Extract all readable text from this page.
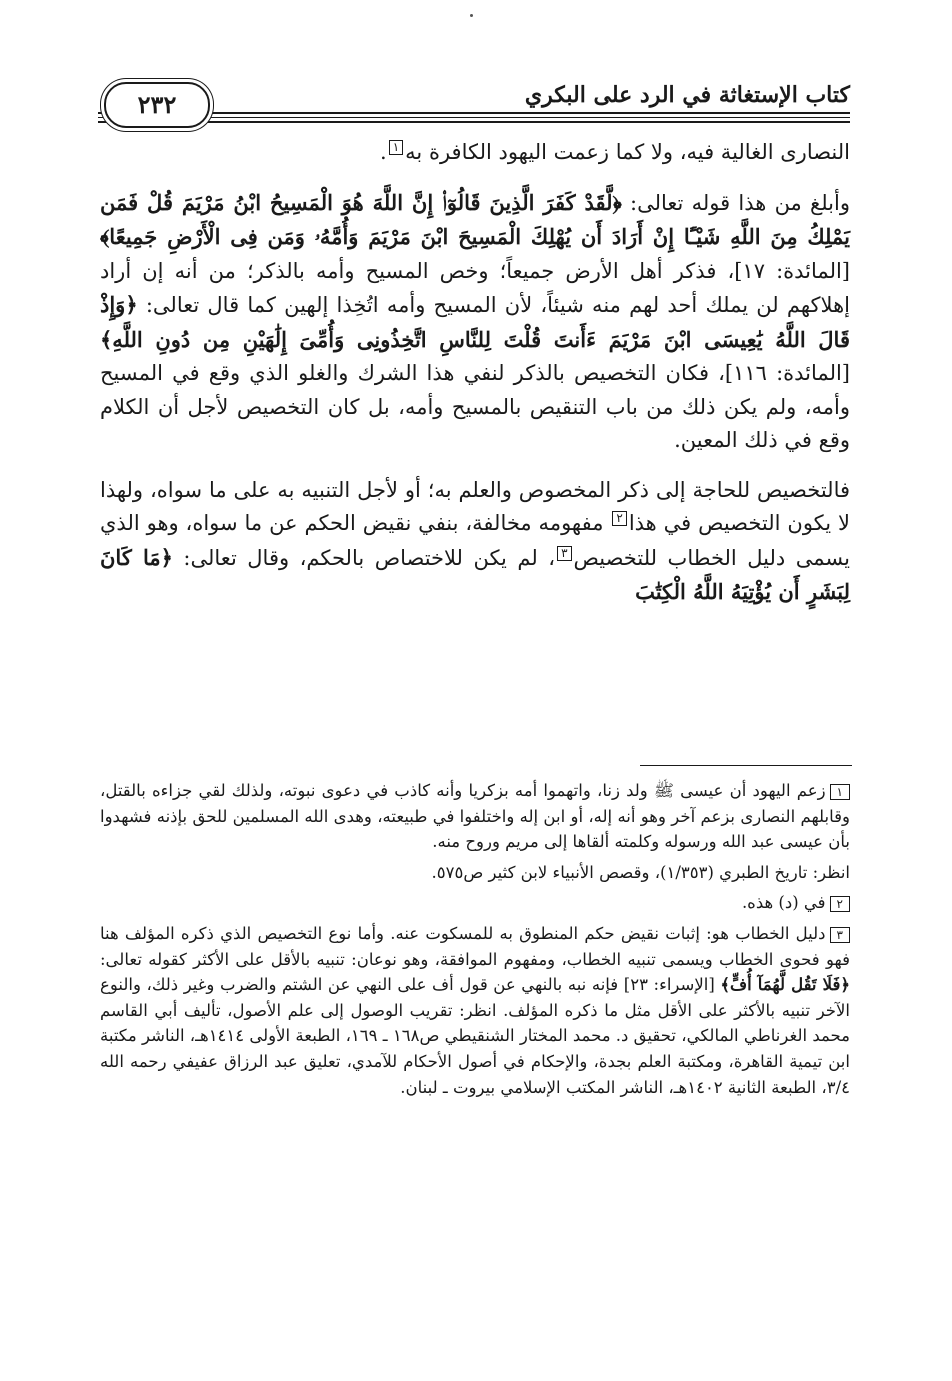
كتاب الإستغاثة في الرد على البكري
٢٣٢

النصارى الغالية فيه، ولا كما زعمت اليهود الكافرة به١.

وأبلغ من هذا قوله تعالى: ﴿لَّقَدْ كَفَرَ الَّذِينَ قَالُوٓا۟ إِنَّ اللَّهَ هُوَ الْمَسِيحُ ابْنُ مَرْيَمَ قُلْ فَمَن يَمْلِكُ مِنَ اللَّهِ شَيْـًٔا إِنْ أَرَادَ أَن يُهْلِكَ الْمَسِيحَ ابْنَ مَرْيَمَ وَأُمَّهُۥ وَمَن فِى الْأَرْضِ جَمِيعًا﴾ [المائدة: ١٧]، فذكر أهل الأرض جميعاً؛ وخص المسيح وأمه بالذكر؛ من أنه إن أراد إهلاكهم لن يملك أحد لهم منه شيئاً، لأن المسيح وأمه اتُخِذا إلهين كما قال تعالى: ﴿وَإِذْ قَالَ اللَّهُ يَٰعِيسَى ابْنَ مَرْيَمَ ءَأَنتَ قُلْتَ لِلنَّاسِ اتَّخِذُونِى وَأُمِّىَ إِلَٰهَيْنِ مِن دُونِ اللَّهِ﴾ [المائدة: ١١٦]، فكان التخصيص بالذكر لنفي هذا الشرك والغلو الذي وقع في المسيح وأمه، ولم يكن ذلك من باب التنقيص بالمسيح وأمه، بل كان التخصيص لأجل أن الكلام وقع في ذلك المعين.

فالتخصيص للحاجة إلى ذكر المخصوص والعلم به؛ أو لأجل التنبيه به على ما سواه، ولهذا لا يكون التخصيص في هذا٢ مفهومه مخالفة، بنفي نقيض الحكم عن ما سواه، وهو الذي يسمى دليل الخطاب للتخصيص٣، لم يكن للاختصاص بالحكم، وقال تعالى: ﴿مَا كَانَ لِبَشَرٍ أَن يُؤْتِيَهُ اللَّهُ الْكِتَٰبَ

١زعم اليهود أن عيسى ﷺ ولد زنا، واتهموا أمه بزكريا وأنه كاذب في دعوى نبوته، ولذلك لقي جزاءه بالقتل، وقابلهم النصارى بزعم آخر وهو أنه إله، أو ابن إله واختلفوا في طبيعته، وهدى الله المسلمين للحق بإذنه فشهدوا بأن عيسى عبد الله ورسوله وكلمته ألقاها إلى مريم وروح منه.
انظر: تاريخ الطبري (١/٣٥٣)، وقصص الأنبياء لابن كثير ص٥٧٥.
٢في (د) هذه.
٣دليل الخطاب هو: إثبات نقيض حكم المنطوق به للمسكوت عنه. وأما نوع التخصيص الذي ذكره المؤلف هنا فهو فحوى الخطاب ويسمى تنبيه الخطاب، ومفهوم الموافقة، وهو نوعان: تنبيه بالأقل على الأكثر كقوله تعالى: ﴿فَلَا تَقُل لَّهُمَآ أُفٍّ﴾ [الإسراء: ٢٣] فإنه نبه بالنهي عن قول أف على النهي عن الشتم والضرب وغير ذلك، والنوع الآخر تنبيه بالأكثر على الأقل مثل ما ذكره المؤلف. انظر: تقريب الوصول إلى علم الأصول، تأليف أبي القاسم محمد الغرناطي المالكي، تحقيق د. محمد المختار الشنقيطي ص١٦٨ ـ ١٦٩، الطبعة الأولى ١٤١٤هـ، الناشر مكتبة ابن تيمية القاهرة، ومكتبة العلم بجدة، والإحكام في أصول الأحكام للآمدي، تعليق عبد الرزاق عفيفي رحمه الله ٣/٤، الطبعة الثانية ١٤٠٢هـ، الناشر المكتب الإسلامي بيروت ـ لبنان.
